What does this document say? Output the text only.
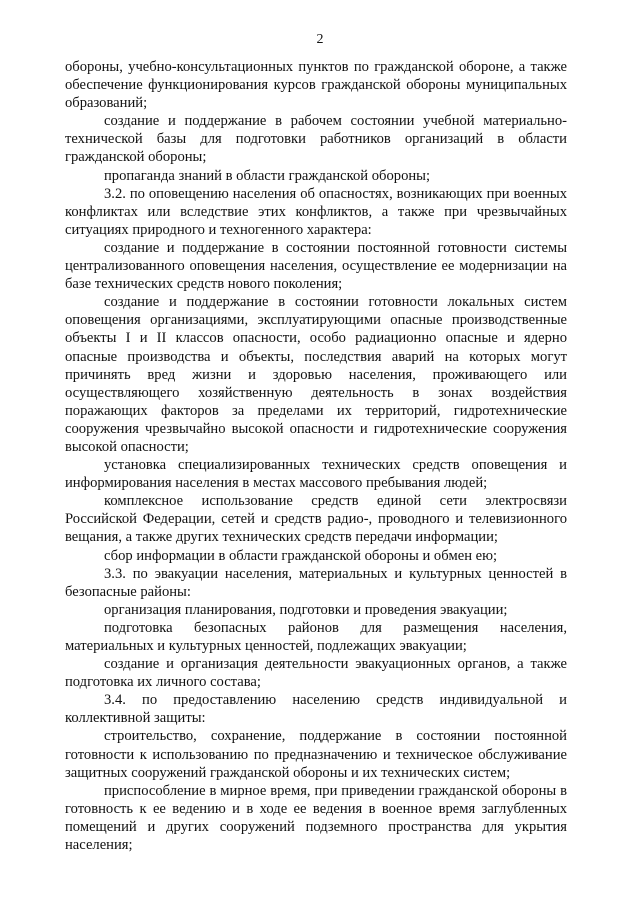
2

обороны, учебно-консультационных пунктов по гражданской обороне, а также обеспечение функционирования курсов гражданской обороны муниципальных образований;

создание и поддержание в рабочем состоянии учебной материально-технической базы для подготовки работников организаций в области гражданской обороны;

пропаганда знаний в области гражданской обороны;

3.2. по оповещению населения об опасностях, возникающих при военных конфликтах или вследствие этих конфликтов, а также при чрезвычайных ситуациях природного и техногенного характера:

создание и поддержание в состоянии постоянной готовности системы централизованного оповещения населения, осуществление ее модернизации на базе технических средств нового поколения;

создание и поддержание в состоянии готовности локальных систем оповещения организациями, эксплуатирующими опасные производственные объекты I и II классов опасности, особо радиационно опасные и ядерно опасные производства и объекты, последствия аварий на которых могут причинять вред жизни и здоровью населения, проживающего или осуществляющего хозяйственную деятельность в зонах воздействия поражающих факторов за пределами их территорий, гидротехнические сооружения чрезвычайно высокой опасности и гидротехнические сооружения высокой опасности;

установка специализированных технических средств оповещения и информирования населения в местах массового пребывания людей;

комплексное использование средств единой сети электросвязи Российской Федерации, сетей и средств радио-, проводного и телевизионного вещания, а также других технических средств передачи информации;

сбор информации в области гражданской обороны и обмен ею;

3.3. по эвакуации населения, материальных и культурных ценностей в безопасные районы:

организация планирования, подготовки и проведения эвакуации;

подготовка безопасных районов для размещения населения, материальных и культурных ценностей, подлежащих эвакуации;

создание и организация деятельности эвакуационных органов, а также подготовка их личного состава;

3.4. по предоставлению населению средств индивидуальной и коллективной защиты:

строительство, сохранение, поддержание в состоянии постоянной готовности к использованию по предназначению и техническое обслуживание защитных сооружений гражданской обороны и их технических систем;

приспособление в мирное время, при приведении гражданской обороны в готовность к ее ведению и в ходе ее ведения в военное время заглубленных помещений и других сооружений подземного пространства для укрытия населения;
